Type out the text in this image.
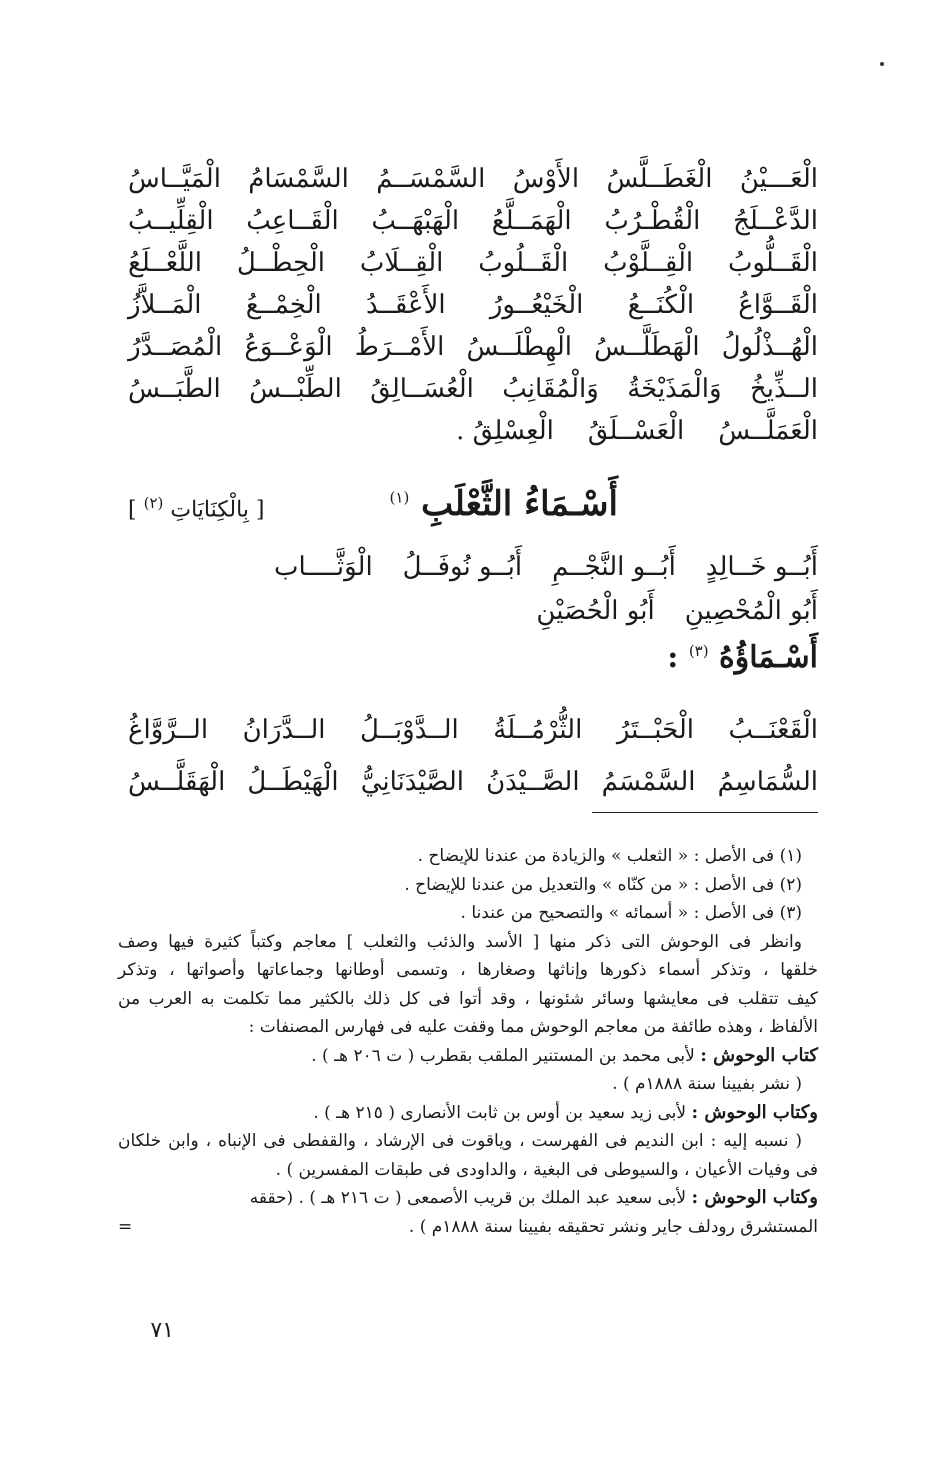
الْعَـــيْنُ
الْغَطَــلَّسُ
الأَوْسُ
السَّمْسَــمُ
السَّمْسَامُ
الْمَيَّــاسُ
الدَّعْــلَجُ
الْقُطْـرُبُ
الْهَمَــلَّعُ
الْهَبْهَــبُ
الْقَــاعِبُ
الْقِلِّيــبُ
الْقَــلُّوبُ
الْقِــلَّوْبُ
الْقَــلُوبُ
الْقِــلَابُ
الْحِطْــلُ
اللَّعْــلَعُ
الْقَــوَّاعُ
الْكُنَــعُ
الْخَيْعُــورُ
الأَعْقَــدُ
الْخِمْــعُ
الْمَــلاَّزُ
الْهُــذْلُولُ
الْهَطَلَّــسُ
الْهِطْلَــسُ
الأَمْــرَطُ
الْوَعْــوَعُ
الْمُصَــدَّرُ
الــذِّيخُ
وَالْمَذَيْخَةُ
وَالْمُقَانِبُ
الْعُسَــالِقُ
الطِّبْــسُ
الطَّبَــسُ
الْعَمَلَّــسُ
الْعَسْــلَقُ
الْعِسْلِقُ .
أَسْـمَاءُ الثَّعْلَبِ $^{(١)}$
[ بِالْكِنَايَاتِ $^{(٢)}$ ]
أَبُــو خَــالِدٍ
أَبُــو النَّجْــمِ
أَبُــو نُوفَــلُ
الْوَثَّــــاب
أَبُو الْمُحْصِينِ
أَبُو الْحُصَيْنِ
أَسْـمَاؤُهُ $^{(٣)}$ :
الْقَعْنَــبُ
الْحَبْــتَرُ
الثُّرْمُــلَةُ
الــدَّوْبَــلُ
الــدَّرَانُ
الــرَّوَّاغُ
السُّمَاسِمُ
السَّمْسَمُ
الصَّــيْدَنُ
الصَّيْدَنَانِيُّ
الْهَيْطَــلُ
الْهَقَلَّــسُ
(١) فى الأصل : « الثعلب » والزيادة من عندنا للإيضاح .
(٢) فى الأصل : « من كنّاه » والتعديل من عندنا للإيضاح .
(٣) فى الأصل : « أسمائه » والتصحيح من عندنا .
وانظر فى الوحوش التى ذكر منها [ الأسد والذئب والثعلب ] معاجم وكتباً كثيرة فيها وصف
خلقها ، وتذكر أسماء ذكورها وإناثها وصغارها ، وتسمى أوطانها وجماعاتها وأصواتها ، وتذكر
كيف تتقلب فى معايشها وسائر شئونها ، وقد أتوا فى كل ذلك بالكثير مما تكلمت به العرب من
الألفاظ ، وهذه طائفة من معاجم الوحوش مما وقفت عليه فى فهارس المصنفات :
كتاب الوحوش : لأبى محمد بن المستنير الملقب بقطرب ( ت ٢٠٦ هـ ) .
( نشر بفيينا سنة ١٨٨٨م ) .
وكتاب الوحوش : لأبى زيد سعيد بن أوس بن ثابت الأنصارى ( ٢١٥ هـ ) .
( نسبه إليه : ابن النديم فى الفهرست ، وياقوت فى الإرشاد ، والقفطى فى الإنباه ، وابن خلكان
فى وفيات الأعيان ، والسيوطى فى البغية ، والداودى فى طبقات المفسرين ) .
وكتاب الوحوش : لأبى سعيد عبد الملك بن قريب الأصمعى ( ت ٢١٦ هـ ) . (حققه
المستشرق رودلف جاير ونشر تحقيقه بفيينا سنة ١٨٨٨م ) .
=
٧١
